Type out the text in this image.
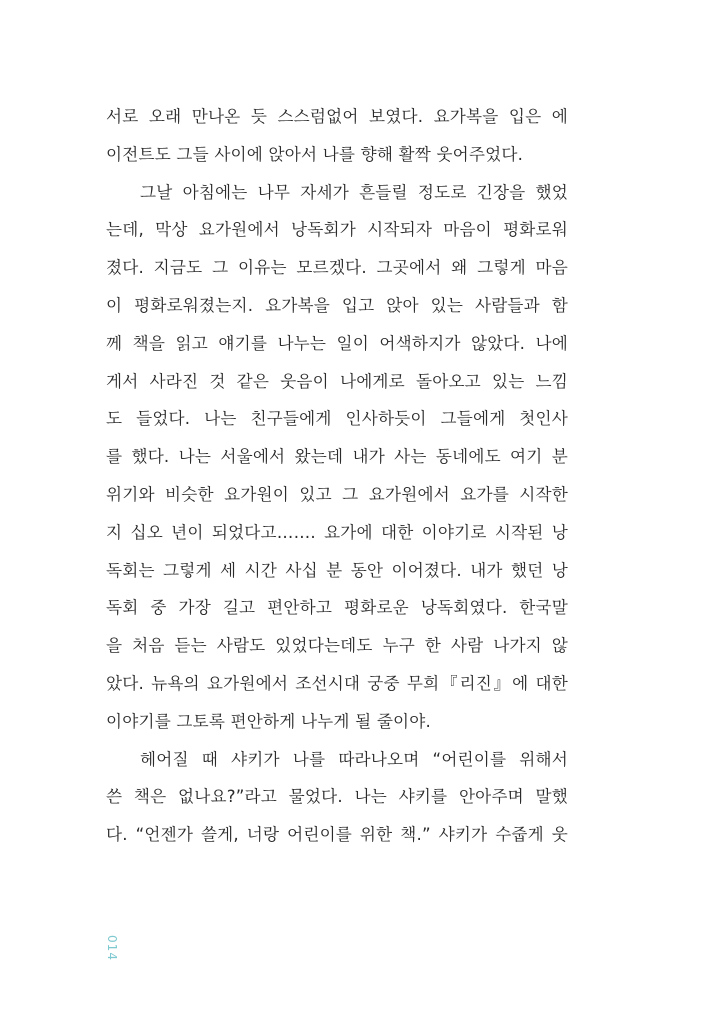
서로 오래 만나온 듯 스스럼없어 보였다. 요가복을 입은 에
이전트도 그들 사이에 앉아서 나를 향해 활짝 웃어주었다.
그날 아침에는 나무 자세가 흔들릴 정도로 긴장을 했었
는데, 막상 요가원에서 낭독회가 시작되자 마음이 평화로워
졌다. 지금도 그 이유는 모르겠다. 그곳에서 왜 그렇게 마음
이 평화로워졌는지. 요가복을 입고 앉아 있는 사람들과 함
께 책을 읽고 얘기를 나누는 일이 어색하지가 않았다. 나에
게서 사라진 것 같은 웃음이 나에게로 돌아오고 있는 느낌
도 들었다. 나는 친구들에게 인사하듯이 그들에게 첫인사
를 했다. 나는 서울에서 왔는데 내가 사는 동네에도 여기 분
위기와 비슷한 요가원이 있고 그 요가원에서 요가를 시작한
지 십오 년이 되었다고……. 요가에 대한 이야기로 시작된 낭
독회는 그렇게 세 시간 사십 분 동안 이어졌다. 내가 했던 낭
독회 중 가장 길고 편안하고 평화로운 낭독회였다. 한국말
을 처음 듣는 사람도 있었다는데도 누구 한 사람 나가지 않
았다. 뉴욕의 요가원에서 조선시대 궁중 무희『리진』에 대한
이야기를 그토록 편안하게 나누게 될 줄이야.
헤어질 때 샤키가 나를 따라나오며 “어린이를 위해서
쓴 책은 없나요?”라고 물었다. 나는 샤키를 안아주며 말했
다. “언젠가 쓸게, 너랑 어린이를 위한 책.” 샤키가 수줍게 웃
014
